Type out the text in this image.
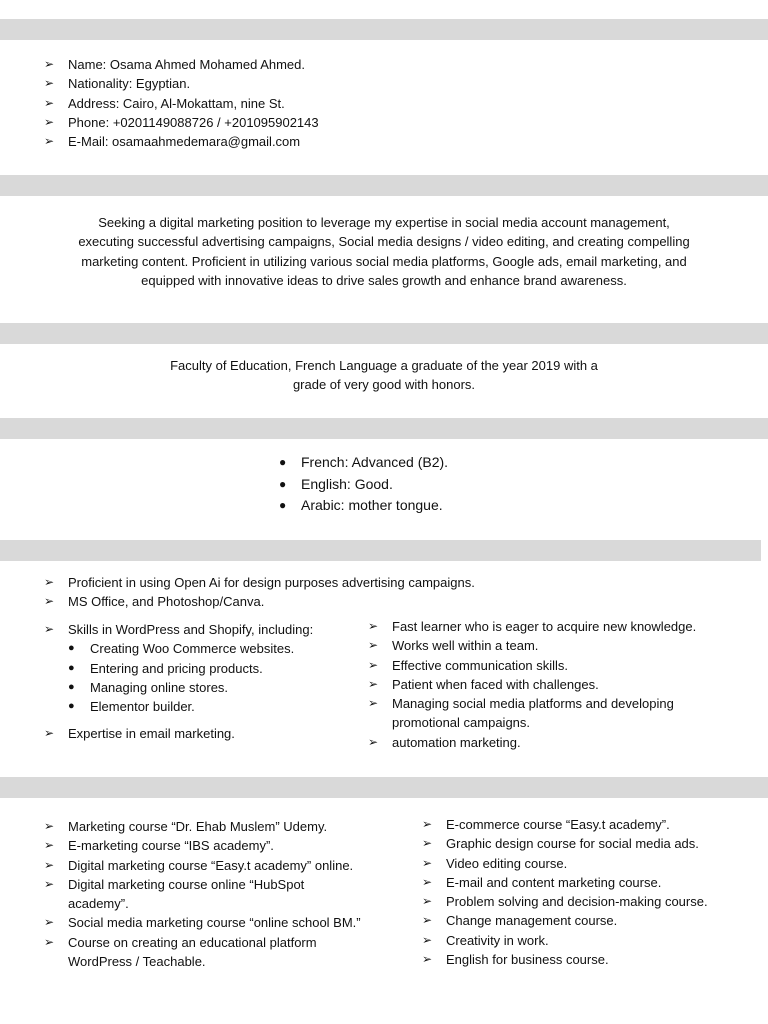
➢ Name: Osama Ahmed Mohamed Ahmed.
➢ Nationality: Egyptian.
➢ Address: Cairo, Al-Mokattam, nine St.
➢ Phone: +0201149088726 / +201095902143
➢ E-Mail: osamaahmedemara@gmail.com

Seeking a digital marketing position to leverage my expertise in social media account management,
executing successful advertising campaigns, Social media designs / video editing, and creating compelling
marketing content. Proficient in utilizing various social media platforms, Google ads, email marketing, and
equipped with innovative ideas to drive sales growth and enhance brand awareness.

Faculty of Education, French Language a graduate of the year 2019 with a
grade of very good with honors.

● French: Advanced (B2).
● English: Good.
● Arabic: mother tongue.
➢ Proficient in using Open Ai for design purposes advertising campaigns.
➢ MS Office, and Photoshop/Canva.
➢ Skills in WordPress and Shopify, including:
● Creating Woo Commerce websites.
● Entering and pricing products.
● Managing online stores.
● Elementor builder.
➢ Expertise in email marketing.
➢ Fast learner who is eager to acquire new knowledge.
➢ Works well within a team.
➢ Effective communication skills.
➢ Patient when faced with challenges.
➢ Managing social media platforms and developing promotional campaigns.
➢ automation marketing.
➢ Marketing course “Dr. Ehab Muslem” Udemy.
➢ E-marketing course “IBS academy”.
➢ Digital marketing course “Easy.t academy” online.
➢ Digital marketing course online “HubSpot academy”.
➢ Social media marketing course “online school BM.”
➢ Course on creating an educational platform WordPress / Teachable.
➢ E-commerce course “Easy.t academy”.
➢ Graphic design course for social media ads.
➢ Video editing course.
➢ E-mail and content marketing course.
➢ Problem solving and decision-making course.
➢ Change management course.
➢ Creativity in work.
➢ English for business course.
